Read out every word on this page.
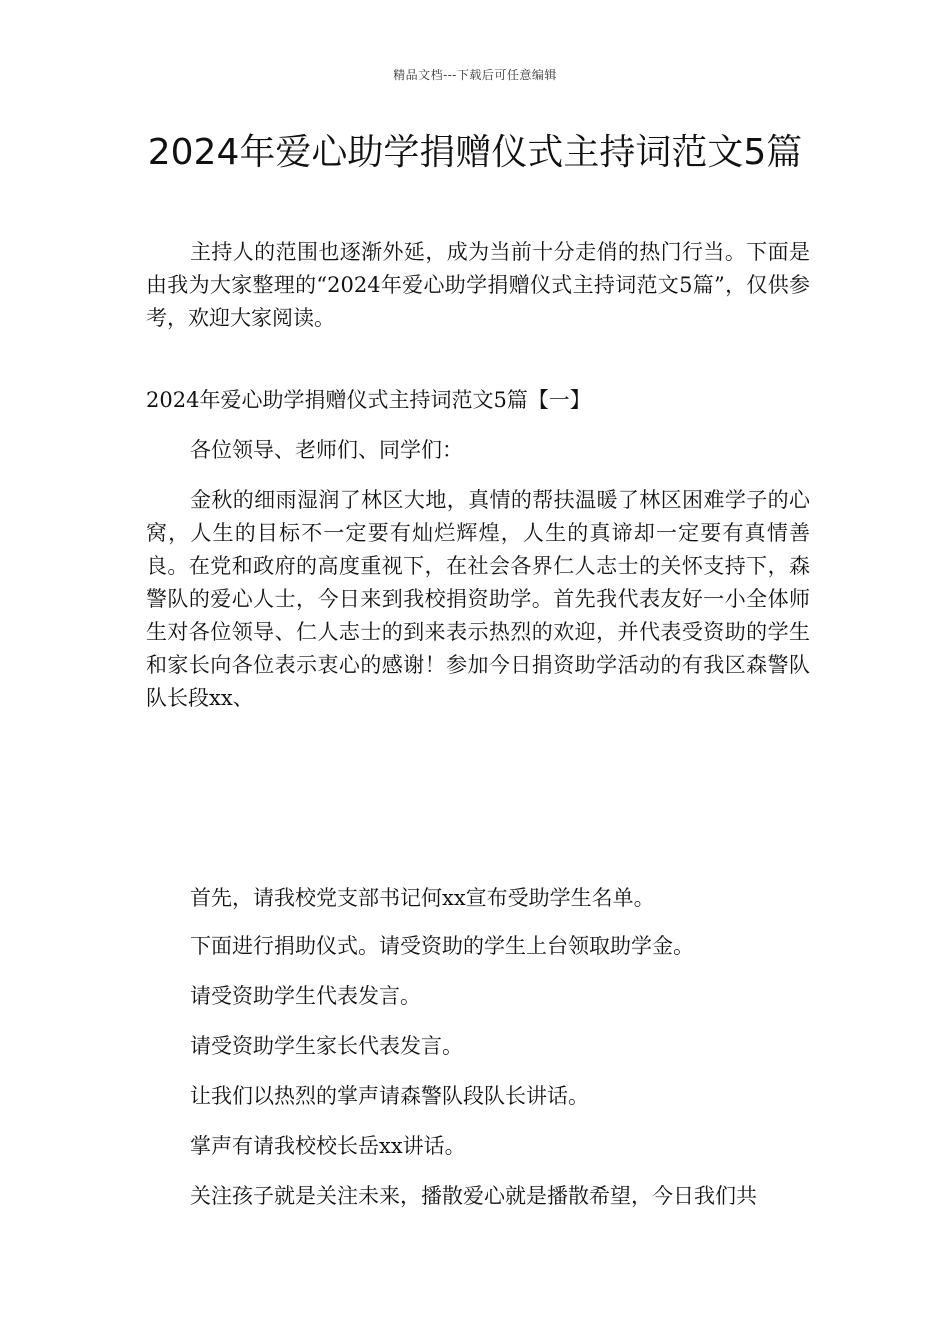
精品文档---下载后可任意编辑
2024年爱心助学捐赠仪式主持词范文5篇

主持人的范围也逐渐外延，成为当前十分走俏的热门行当。下面是由我为大家整理的“2024年爱心助学捐赠仪式主持词范文5篇”，仅供参考，欢迎大家阅读。

2024年爱心助学捐赠仪式主持词范文5篇【一】

各位领导、老师们、同学们：

金秋的细雨湿润了林区大地，真情的帮扶温暖了林区困难学子的心窝，人生的目标不一定要有灿烂辉煌，人生的真谛却一定要有真情善良。在党和政府的高度重视下，在社会各界仁人志士的关怀支持下，森警队的爱心人士，今日来到我校捐资助学。首先我代表友好一小全体师生对各位领导、仁人志士的到来表示热烈的欢迎，并代表受资助的学生和家长向各位表示衷心的感谢！参加今日捐资助学活动的有我区森警队队长段xx、

首先，请我校党支部书记何xx宣布受助学生名单。

下面进行捐助仪式。请受资助的学生上台领取助学金。

请受资助学生代表发言。

请受资助学生家长代表发言。

让我们以热烈的掌声请森警队段队长讲话。

掌声有请我校校长岳xx讲话。

关注孩子就是关注未来，播散爱心就是播散希望，今日我们共
